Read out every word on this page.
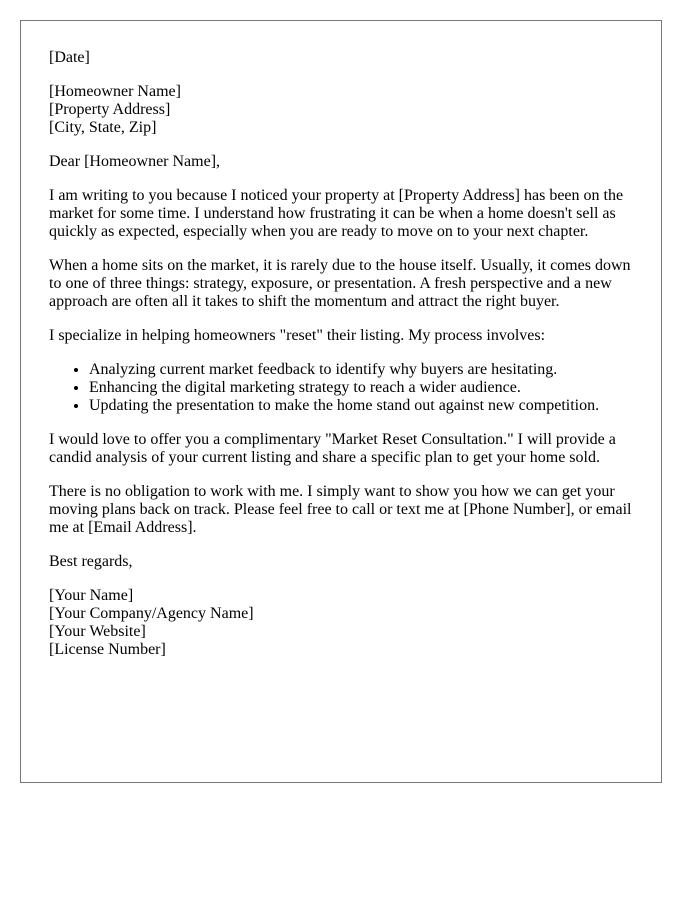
[Date]

[Homeowner Name]
[Property Address]
[City, State, Zip]

Dear [Homeowner Name],

I am writing to you because I noticed your property at [Property Address] has been on the market for some time. I understand how frustrating it can be when a home doesn't sell as quickly as expected, especially when you are ready to move on to your next chapter.

When a home sits on the market, it is rarely due to the house itself. Usually, it comes down to one of three things: strategy, exposure, or presentation. A fresh perspective and a new approach are often all it takes to shift the momentum and attract the right buyer.

I specialize in helping homeowners "reset" their listing. My process involves:

• Analyzing current market feedback to identify why buyers are hesitating.
• Enhancing the digital marketing strategy to reach a wider audience.
• Updating the presentation to make the home stand out against new competition.

I would love to offer you a complimentary "Market Reset Consultation." I will provide a candid analysis of your current listing and share a specific plan to get your home sold.

There is no obligation to work with me. I simply want to show you how we can get your moving plans back on track. Please feel free to call or text me at [Phone Number], or email me at [Email Address].

Best regards,

[Your Name]
[Your Company/Agency Name]
[Your Website]
[License Number]
